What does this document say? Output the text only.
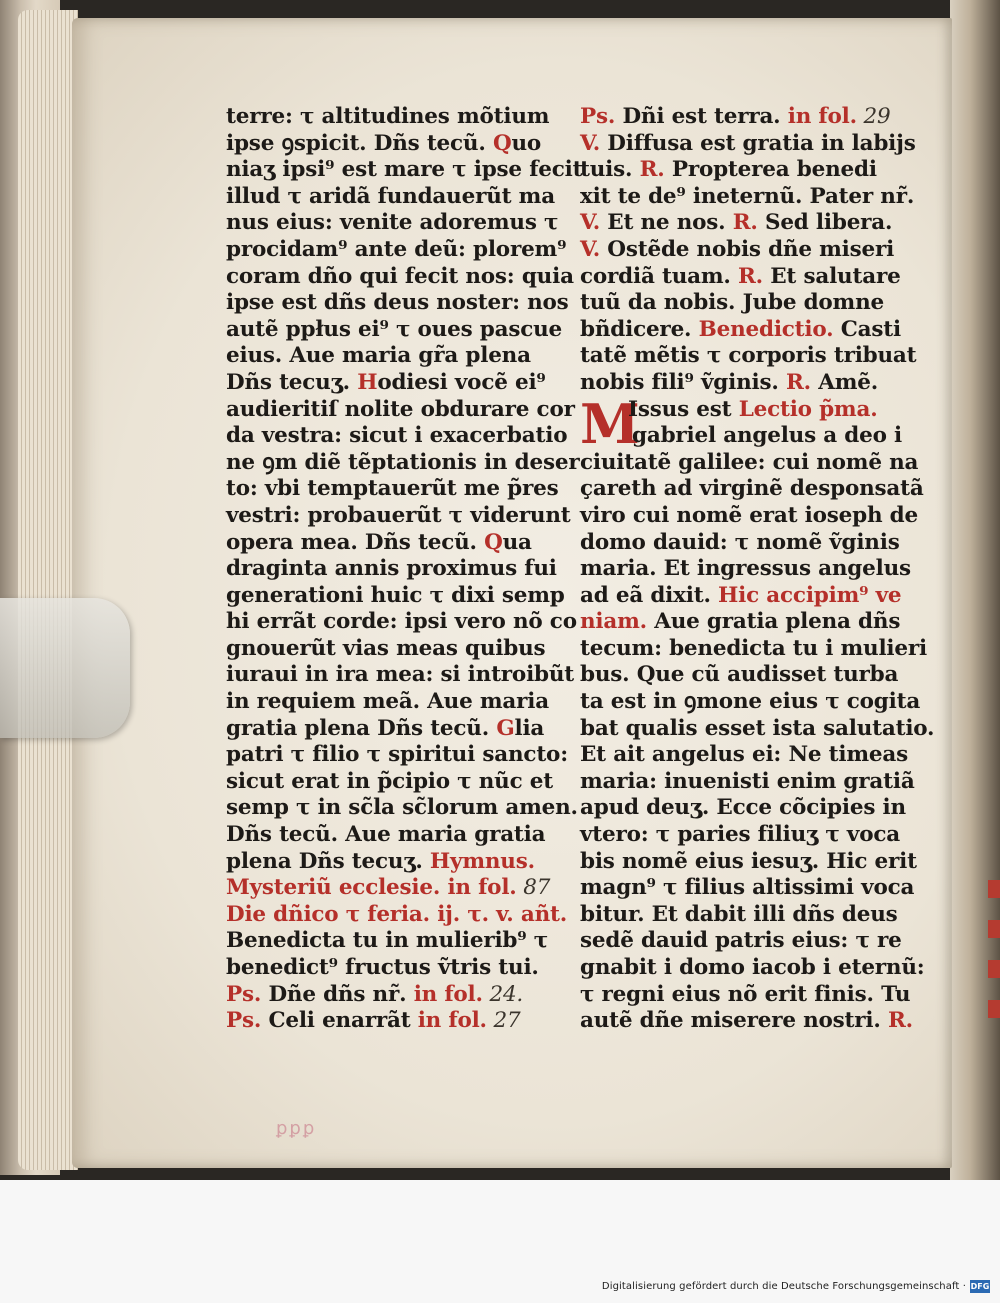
terre: τ altitudines mõtium
ipse ꝯspicit. Dñs tecũ. Quo
niaʒ ipsi⁹ est mare τ ipse fecit
illud τ aridã fundauerũt ma
nus eius: venite adoremus τ
procidam⁹ ante deũ: plorem⁹
coram dño qui fecit nos: quia
ipse est dñs deus noster: nos
autẽ ppłus ei⁹ τ oues pascue
eius. Aue maria gr̃a plena
Dñs tecuʒ. Hodiesi vocẽ ei⁹
audieritiſ nolite obdurare cor
da vestra: sicut i exacerbatio
ne ꝯm diẽ tẽptationis in deser
to: vbi temptauerũt me p̃res
vestri: probauerũt τ viderunt
opera mea. Dñs tecũ. Qua
draginta annis proximus fui
generationi huic τ dixi semp
hi errãt corde: ipsi vero nõ co
gnouerũt vias meas quibus
iuraui in ira mea: si introibũt
in requiem meã. Aue maria
gratia plena Dñs tecũ. Glia
patri τ filio τ spiritui sancto:
sicut erat in p̃cipio τ nũc et
semp τ in sc̃la sc̃lorum amen.
Dñs tecũ. Aue maria gratia
plena Dñs tecuʒ. Hymnus.
Mysteriũ ecclesie. in fol. 87
Die dñico τ feria. ij. τ. v. añt.
Benedicta tu in mulierib⁹ τ
benedict⁹ fructus ṽtris tui.
Ps. Dñe dñs nr̃. in fol. 24.
Ps. Celi enarrãt in fol. 27
Ps. Dñi est terra. in fol. 29
V. Diffusa est gratia in labijs
tuis. R. Propterea benedi
xit te de⁹ ineternũ. Pater nr̃.
V. Et ne nos. R. Sed libera.
V. Ostẽde nobis dñe miseri
cordiã tuam. R. Et salutare
tuũ da nobis. Jube domne
bñdicere. Benedictio. Casti
tatẽ mẽtis τ corporis tribuat
nobis fili⁹ ṽginis. R. Amẽ.
MIssus est Lectio p̃ma.
gabriel angelus a deo i
ciuitatẽ galilee: cui nomẽ na
çareth ad virginẽ desponsatã
viro cui nomẽ erat ioseph de
domo dauid: τ nomẽ ṽginis
maria. Et ingressus angelus
ad eã dixit. Hic accipim⁹ ve
niam. Aue gratia plena dñs
tecum: benedicta tu i mulieri
bus. Que cũ audisset turba
ta est in ꝯmone eius τ cogita
bat qualis esset ista salutatio.
Et ait angelus ei: Ne timeas
maria: inuenisti enim gratiã
apud deuʒ. Ecce cõcipies in
vtero: τ paries filiuʒ τ voca
bis nomẽ eius iesuʒ. Hic erit
magn⁹ τ filius altissimi voca
bitur. Et dabit illi dñs deus
sedẽ dauid patris eius: τ re
gnabit i domo iacob i eternũ:
τ regni eius nõ erit finis. Tu
autẽ dñe miserere nostri. R.
ꝑꝑꝑ
Digitalisierung gefördert durch die Deutsche Forschungsgemeinschaft · DFG
